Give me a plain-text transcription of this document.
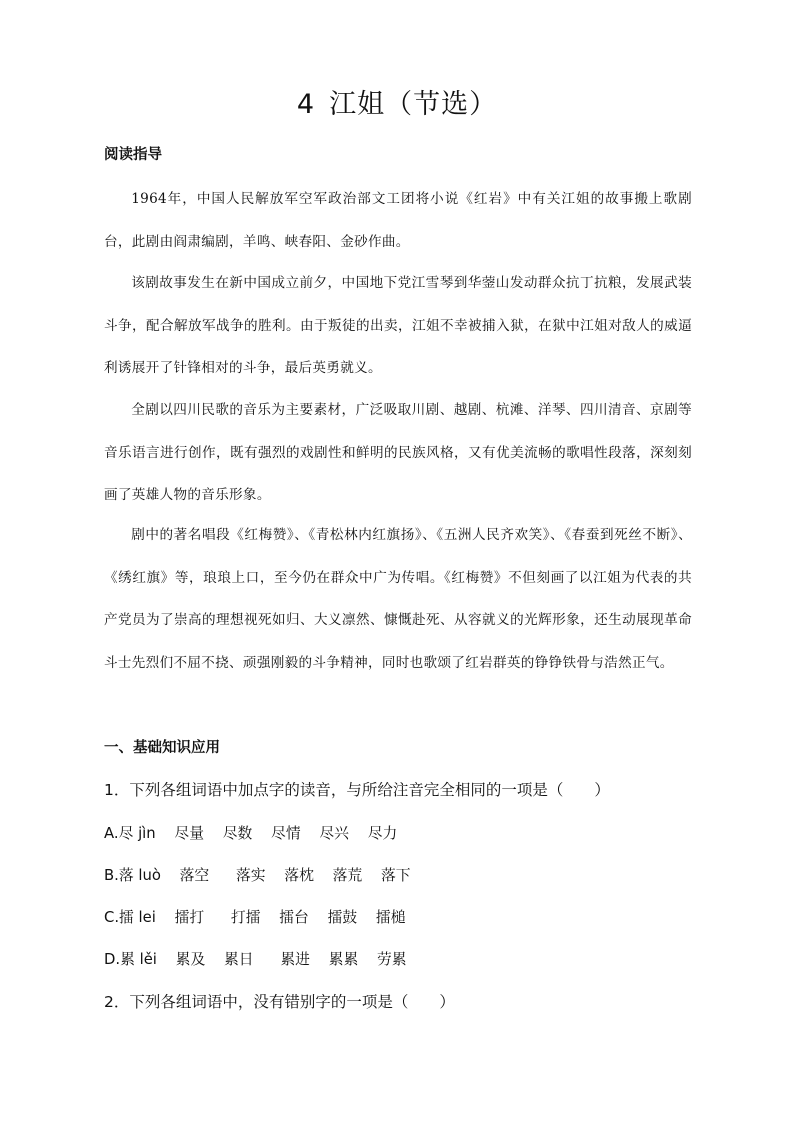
4 江姐（节选）
阅读指导

1964年，中国人民解放军空军政治部文工团将小说《红岩》中有关江姐的故事搬上歌剧台，此剧由阎肃编剧，羊鸣、峡春阳、金砂作曲。

该剧故事发生在新中国成立前夕，中国地下党江雪琴到华蓥山发动群众抗丁抗粮，发展武装斗争，配合解放军战争的胜利。由于叛徒的出卖，江姐不幸被捕入狱，在狱中江姐对敌人的威逼利诱展开了针锋相对的斗争，最后英勇就义。

全剧以四川民歌的音乐为主要素材，广泛吸取川剧、越剧、杭滩、洋琴、四川清音、京剧等音乐语言进行创作，既有强烈的戏剧性和鲜明的民族风格，又有优美流畅的歌唱性段落，深刻刻画了英雄人物的音乐形象。

剧中的著名唱段《红梅赞》、《青松林内红旗扬》、《五洲人民齐欢笑》、《春蚕到死丝不断》、《绣红旗》等，琅琅上口，至今仍在群众中广为传唱。《红梅赞》不但刻画了以江姐为代表的共产党员为了崇高的理想视死如归、大义凛然、慷慨赴死、从容就义的光辉形象，还生动展现革命斗士先烈们不屈不挠、顽强刚毅的斗争精神，同时也歌颂了红岩群英的铮铮铁骨与浩然正气。

一、基础知识应用

1．下列各组词语中加点字的读音，与所给注音完全相同的一项是（　　）

A.尽 jìn 尽量 尽数 尽情 尽兴 尽力

B.落 luò 落空 落实 落枕 落荒 落下

C.擂 lei 擂打 打擂 擂台 擂鼓 擂槌

D.累 lěi 累及 累日 累进 累累 劳累

2．下列各组词语中，没有错别字的一项是（　　）
